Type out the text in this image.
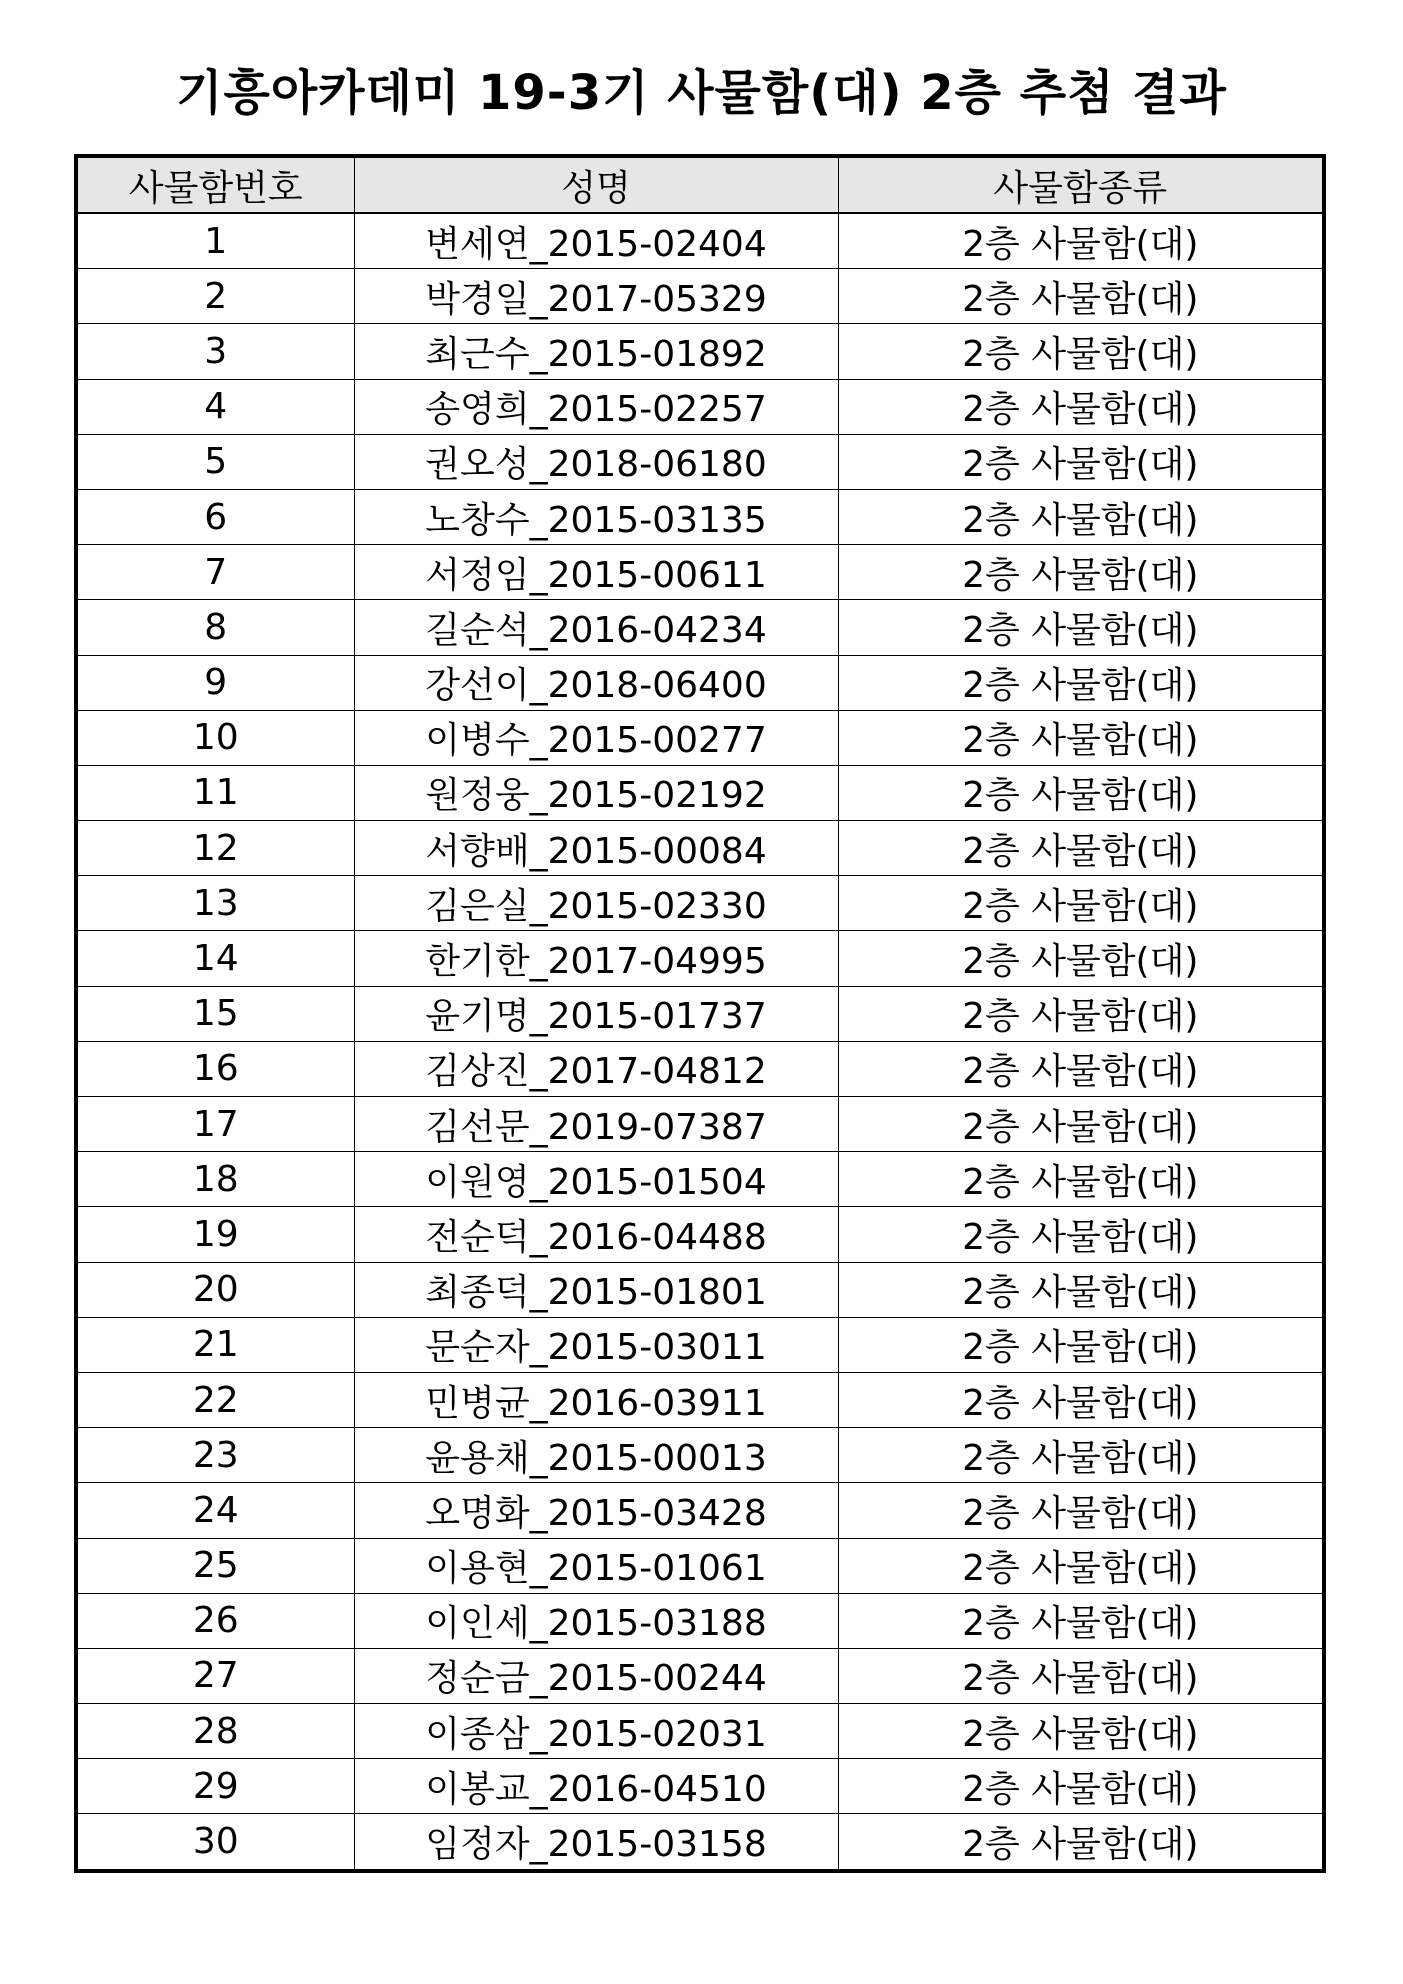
기흥아카데미 19-3기 사물함(대) 2층 추첨 결과
사물함번호	성명	사물함종류
1	변세연_2015-02404	2층 사물함(대)
2	박경일_2017-05329	2층 사물함(대)
3	최근수_2015-01892	2층 사물함(대)
4	송영희_2015-02257	2층 사물함(대)
5	권오성_2018-06180	2층 사물함(대)
6	노창수_2015-03135	2층 사물함(대)
7	서정임_2015-00611	2층 사물함(대)
8	길순석_2016-04234	2층 사물함(대)
9	강선이_2018-06400	2층 사물함(대)
10	이병수_2015-00277	2층 사물함(대)
11	원정웅_2015-02192	2층 사물함(대)
12	서향배_2015-00084	2층 사물함(대)
13	김은실_2015-02330	2층 사물함(대)
14	한기한_2017-04995	2층 사물함(대)
15	윤기명_2015-01737	2층 사물함(대)
16	김상진_2017-04812	2층 사물함(대)
17	김선문_2019-07387	2층 사물함(대)
18	이원영_2015-01504	2층 사물함(대)
19	전순덕_2016-04488	2층 사물함(대)
20	최종덕_2015-01801	2층 사물함(대)
21	문순자_2015-03011	2층 사물함(대)
22	민병균_2016-03911	2층 사물함(대)
23	윤용채_2015-00013	2층 사물함(대)
24	오명화_2015-03428	2층 사물함(대)
25	이용현_2015-01061	2층 사물함(대)
26	이인세_2015-03188	2층 사물함(대)
27	정순금_2015-00244	2층 사물함(대)
28	이종삼_2015-02031	2층 사물함(대)
29	이봉교_2016-04510	2층 사물함(대)
30	임정자_2015-03158	2층 사물함(대)
